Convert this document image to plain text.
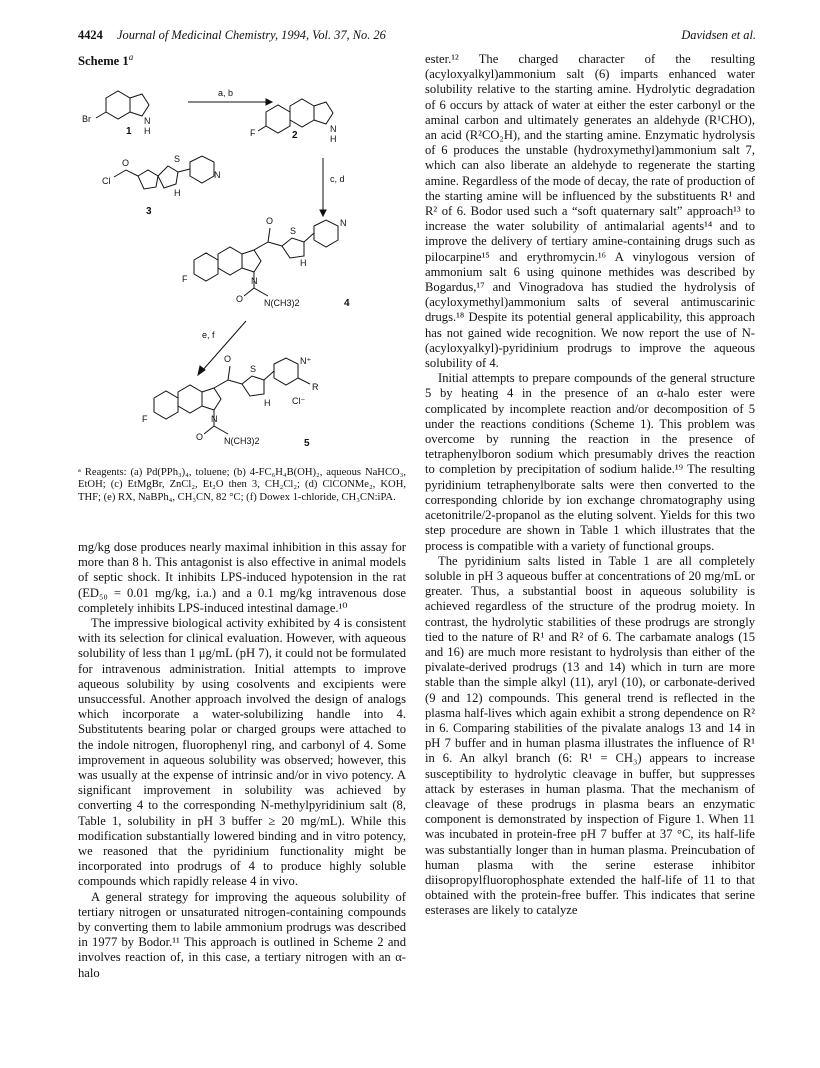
4424 Journal of Medicinal Chemistry, 1994, Vol. 37, No. 26	Davidsen et al.
Scheme 1$^a$
a, b
c, d
e, f
Br	N
H
1	F	N
H
2
O
Cl
S
N
H
3
O
S
N
H
F	N
O N(CH3)2	4
O
S
N⁺
R
H Cl⁻
F	N
O N(CH3)2	5
ᵃ Reagents: (a) Pd(PPh₃)₄, toluene; (b) 4-FC₆H₄B(OH)₂, aqueous NaHCO₃, EtOH; (c) EtMgBr, ZnCl₂, Et₂O then 3, CH₂Cl₂; (d) ClCONMe₂, KOH, THF; (e) RX, NaBPh₄, CH₃CN, 82 °C; (f) Dowex 1-chloride, CH₃CN:iPA.

mg/kg dose produces nearly maximal inhibition in this assay for more than 8 h. This antagonist is also effective in animal models of septic shock. It inhibits LPS-induced hypotension in the rat (ED₅₀ = 0.01 mg/kg, i.a.) and a 0.1 mg/kg intravenous dose completely inhibits LPS-induced intestinal damage.¹⁰

The impressive biological activity exhibited by 4 is consistent with its selection for clinical evaluation. However, with aqueous solubility of less than 1 μg/mL (pH 7), it could not be formulated for intravenous administration. Initial attempts to improve aqueous solubility by using cosolvents and excipients were unsuccessful. Another approach involved the design of analogs which incorporate a water-solubilizing handle into 4. Substitutents bearing polar or charged groups were attached to the indole nitrogen, fluorophenyl ring, and carbonyl of 4. Some improvement in aqueous solubility was observed; however, this was usually at the expense of intrinsic and/or in vivo potency. A significant improvement in solubility was achieved by converting 4 to the corresponding N-methylpyridinium salt (8, Table 1, solubility in pH 3 buffer ≥ 20 mg/mL). While this modification substantially lowered binding and in vitro potency, we reasoned that the pyridinium functionality might be incorporated into prodrugs of 4 to produce highly soluble compounds which rapidly release 4 in vivo.

A general strategy for improving the aqueous solubility of tertiary nitrogen or unsaturated nitrogen-containing compounds by converting them to labile ammonium prodrugs was described in 1977 by Bodor.¹¹ This approach is outlined in Scheme 2 and involves reaction of, in this case, a tertiary nitrogen with an α-halo

ester.¹² The charged character of the resulting (acyloxyalkyl)ammonium salt (6) imparts enhanced water solubility relative to the starting amine. Hydrolytic degradation of 6 occurs by attack of water at either the ester carbonyl or the aminal carbon and ultimately generates an aldehyde (R¹CHO), an acid (R²CO₂H), and the starting amine. Enzymatic hydrolysis of 6 produces the unstable (hydroxymethyl)ammonium salt 7, which can also liberate an aldehyde to regenerate the starting amine. Regardless of the mode of decay, the rate of production of the starting amine will be influenced by the substituents R¹ and R² of 6. Bodor used such a “soft quaternary salt” approach¹³ to increase the water solubility of antimalarial agents¹⁴ and to improve the delivery of tertiary amine-containing drugs such as pilocarpine¹⁵ and erythromycin.¹⁶ A vinylogous version of ammonium salt 6 using quinone methides was described by Bogardus,¹⁷ and Vinogradova has studied the hydrolysis of (acyloxymethyl)ammonium salts of several antimuscarinic drugs.¹⁸ Despite its potential general applicability, this approach has not gained wide recognition. We now report the use of N-(acyloxyalkyl)-pyridinium prodrugs to improve the aqueous solubility of 4.

Initial attempts to prepare compounds of the general structure 5 by heating 4 in the presence of an α-halo ester were complicated by incomplete reaction and/or decomposition of 5 under the reactions conditions (Scheme 1). This problem was overcome by running the reaction in the presence of tetraphenylboron sodium which presumably drives the reaction to completion by precipitation of sodium halide.¹⁹ The resulting pyridinium tetraphenylborate salts were then converted to the corresponding chloride by ion exchange chromatography using acetonitrile/2-propanol as the eluting solvent. Yields for this two step procedure are shown in Table 1 which illustrates that the process is compatible with a variety of functional groups.

The pyridinium salts listed in Table 1 are all completely soluble in pH 3 aqueous buffer at concentrations of 20 mg/mL or greater. Thus, a substantial boost in aqueous solubility is achieved regardless of the structure of the prodrug moiety. In contrast, the hydrolytic stabilities of these prodrugs are strongly tied to the nature of R¹ and R² of 6. The carbamate analogs (15 and 16) are much more resistant to hydrolysis than either of the pivalate-derived prodrugs (13 and 14) which in turn are more stable than the simple alkyl (11), aryl (10), or carbonate-derived (9 and 12) compounds. This general trend is reflected in the plasma half-lives which again exhibit a strong dependence on R² in 6. Comparing stabilities of the pivalate analogs 13 and 14 in pH 7 buffer and in human plasma illustrates the influence of R¹ in 6. An alkyl branch (6: R¹ = CH₃) appears to increase susceptibility to hydrolytic cleavage in buffer, but suppresses attack by esterases in human plasma. That the mechanism of cleavage of these prodrugs in plasma bears an enzymatic component is demonstrated by inspection of Figure 1. When 11 was incubated in protein-free pH 7 buffer at 37 °C, its half-life was substantially longer than in human plasma. Preincubation of human plasma with the serine esterase inhibitor diisopropylfluorophosphate extended the half-life of 11 to that obtained with the protein-free buffer. This indicates that serine esterases are likely to catalyze
